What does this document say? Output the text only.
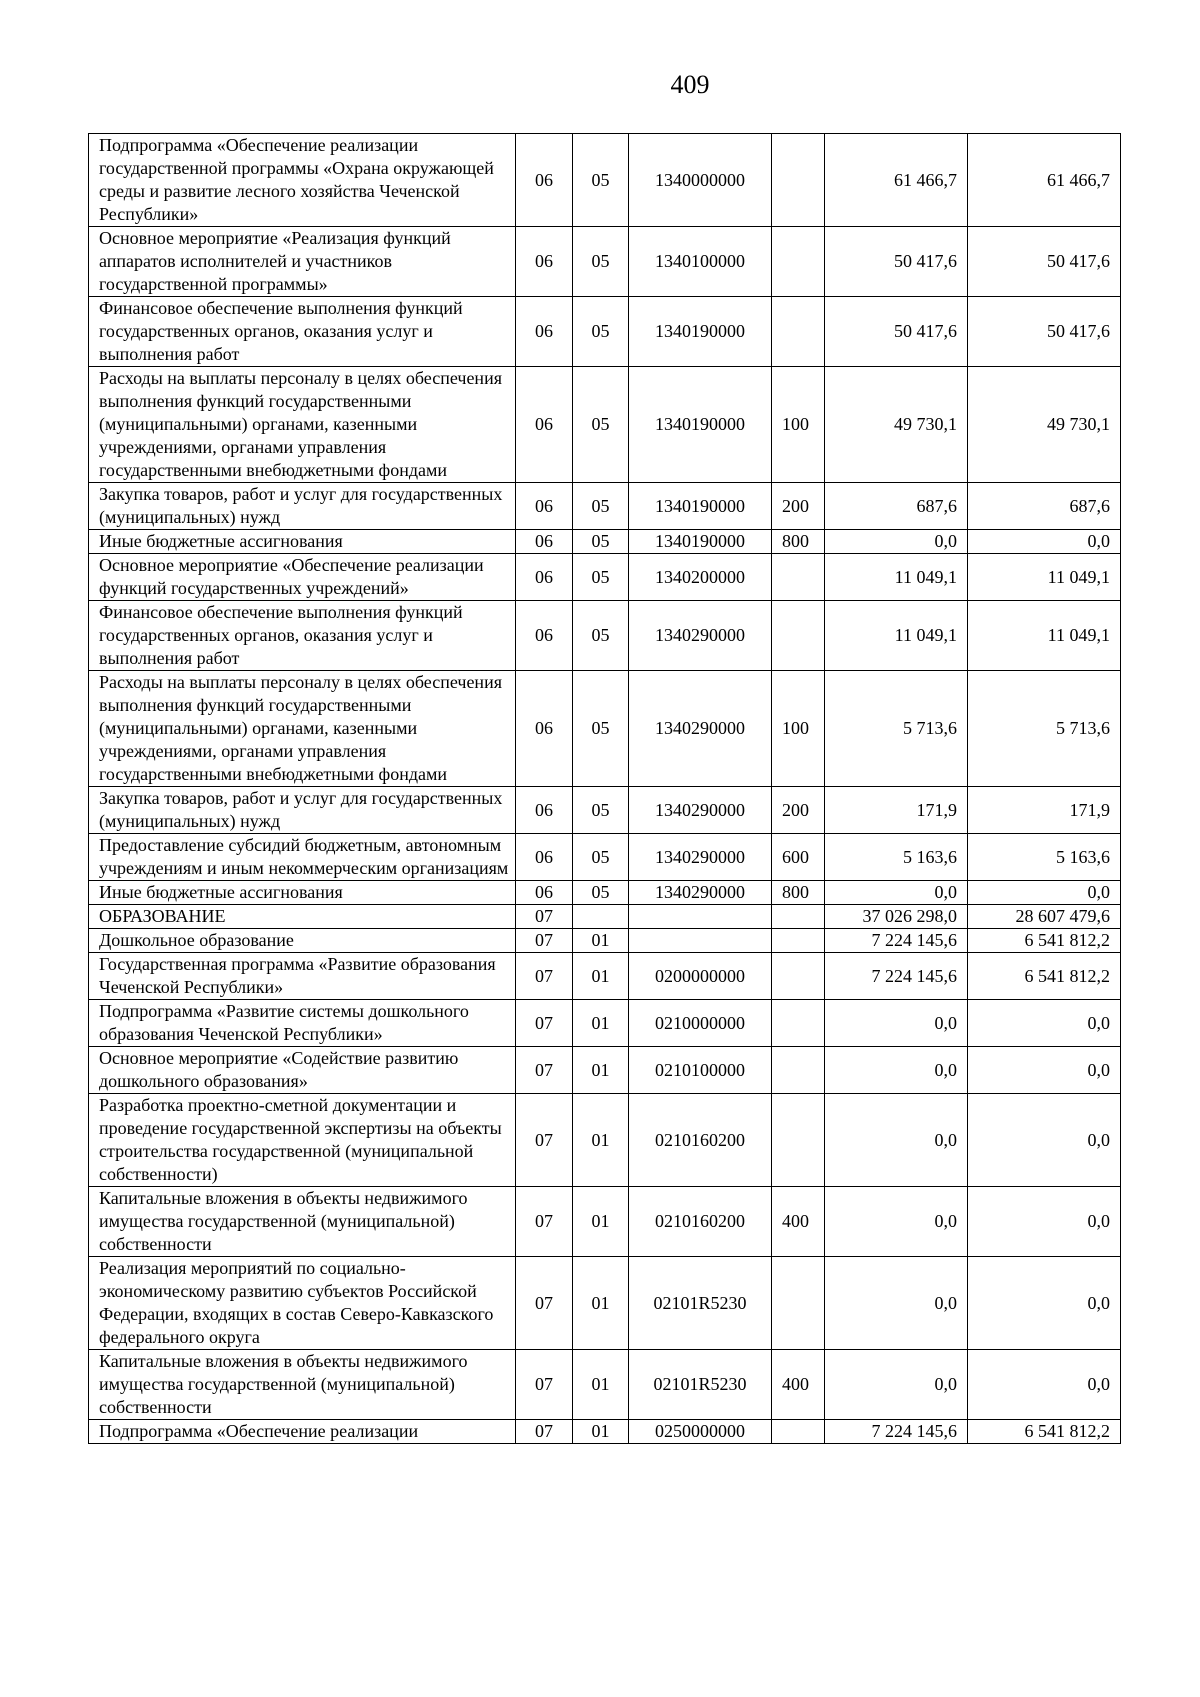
409
Подпрограмма «Обеспечение реализации государственной программы «Охрана окружающей среды и развитие лесного хозяйства Чеченской Республики»	06	05	1340000000		61 466,7	61 466,7
Основное мероприятие «Реализация функций аппаратов исполнителей и участников государственной программы»	06	05	1340100000		50 417,6	50 417,6
Финансовое обеспечение выполнения функций государственных органов, оказания услуг и выполнения работ	06	05	1340190000		50 417,6	50 417,6
Расходы на выплаты персоналу в целях обеспечения выполнения функций государственными (муниципальными) органами, казенными учреждениями, органами управления государственными внебюджетными фондами	06	05	1340190000	100	49 730,1	49 730,1
Закупка товаров, работ и услуг для государственных (муниципальных) нужд	06	05	1340190000	200	687,6	687,6
Иные бюджетные ассигнования	06	05	1340190000	800	0,0	0,0
Основное мероприятие «Обеспечение реализации функций государственных учреждений»	06	05	1340200000		11 049,1	11 049,1
Финансовое обеспечение выполнения функций государственных органов, оказания услуг и выполнения работ	06	05	1340290000		11 049,1	11 049,1
Расходы на выплаты персоналу в целях обеспечения выполнения функций государственными (муниципальными) органами, казенными учреждениями, органами управления государственными внебюджетными фондами	06	05	1340290000	100	5 713,6	5 713,6
Закупка товаров, работ и услуг для государственных (муниципальных) нужд	06	05	1340290000	200	171,9	171,9
Предоставление субсидий бюджетным, автономным учреждениям и иным некоммерческим организациям	06	05	1340290000	600	5 163,6	5 163,6
Иные бюджетные ассигнования	06	05	1340290000	800	0,0	0,0
ОБРАЗОВАНИЕ	07				37 026 298,0	28 607 479,6
Дошкольное образование	07	01			7 224 145,6	6 541 812,2
Государственная программа «Развитие образования Чеченской Республики»	07	01	0200000000		7 224 145,6	6 541 812,2
Подпрограмма «Развитие системы дошкольного образования Чеченской Республики»	07	01	0210000000		0,0	0,0
Основное мероприятие «Содействие развитию дошкольного образования»	07	01	0210100000		0,0	0,0
Разработка проектно-сметной документации и проведение государственной экспертизы на объекты строительства государственной (муниципальной собственности)	07	01	0210160200		0,0	0,0
Капитальные вложения в объекты недвижимого имущества государственной (муниципальной) собственности	07	01	0210160200	400	0,0	0,0
Реализация мероприятий по социально-экономическому развитию субъектов Российской Федерации, входящих в состав Северо-Кавказского федерального округа	07	01	02101R5230		0,0	0,0
Капитальные вложения в объекты недвижимого имущества государственной (муниципальной) собственности	07	01	02101R5230	400	0,0	0,0
Подпрограмма «Обеспечение реализации	07	01	0250000000		7 224 145,6	6 541 812,2
